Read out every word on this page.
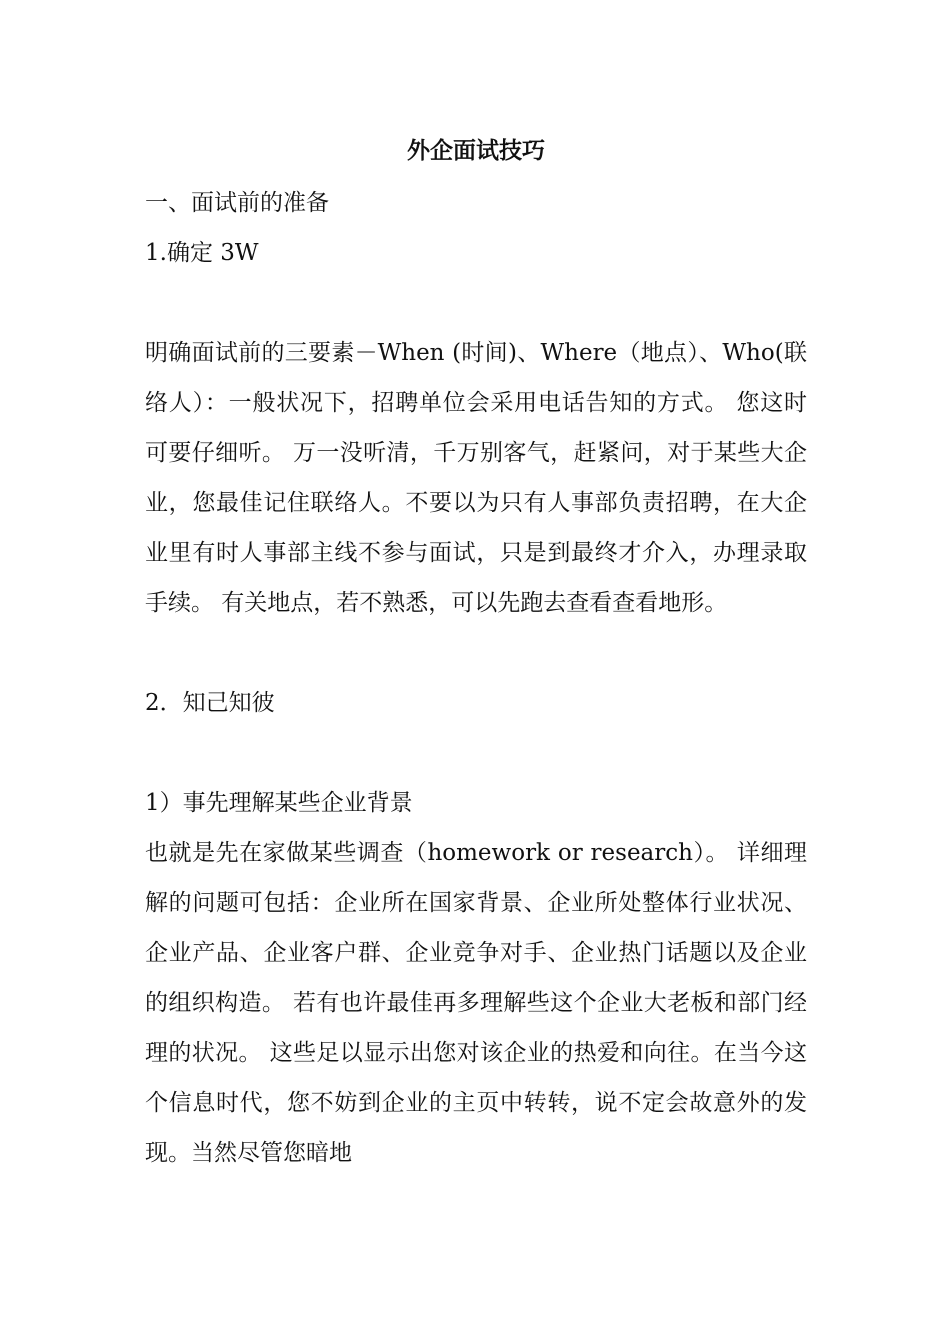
外企面试技巧
一、面试前的准备
1.确定 3W

明确面试前的三要素－When (时间)、Where（地点）、Who(联络人）：一般状况下，招聘单位会采用电话告知的方式。 您这时可要仔细听。 万一没听清，千万别客气，赶紧问，对于某些大企业，您最佳记住联络人。不要以为只有人事部负责招聘，在大企业里有时人事部主线不参与面试，只是到最终才介入，办理录取手续。 有关地点，若不熟悉，可以先跑去查看查看地形。

2．知己知彼
1）事先理解某些企业背景

也就是先在家做某些调查（homework or research）。 详细理解的问题可包括：企业所在国家背景、企业所处整体行业状况、企业产品、企业客户群、企业竞争对手、企业热门话题以及企业的组织构造。 若有也许最佳再多理解些这个企业大老板和部门经理的状况。 这些足以显示出您对该企业的热爱和向往。在当今这个信息时代，您不妨到企业的主页中转转，说不定会故意外的发现。当然尽管您暗地
